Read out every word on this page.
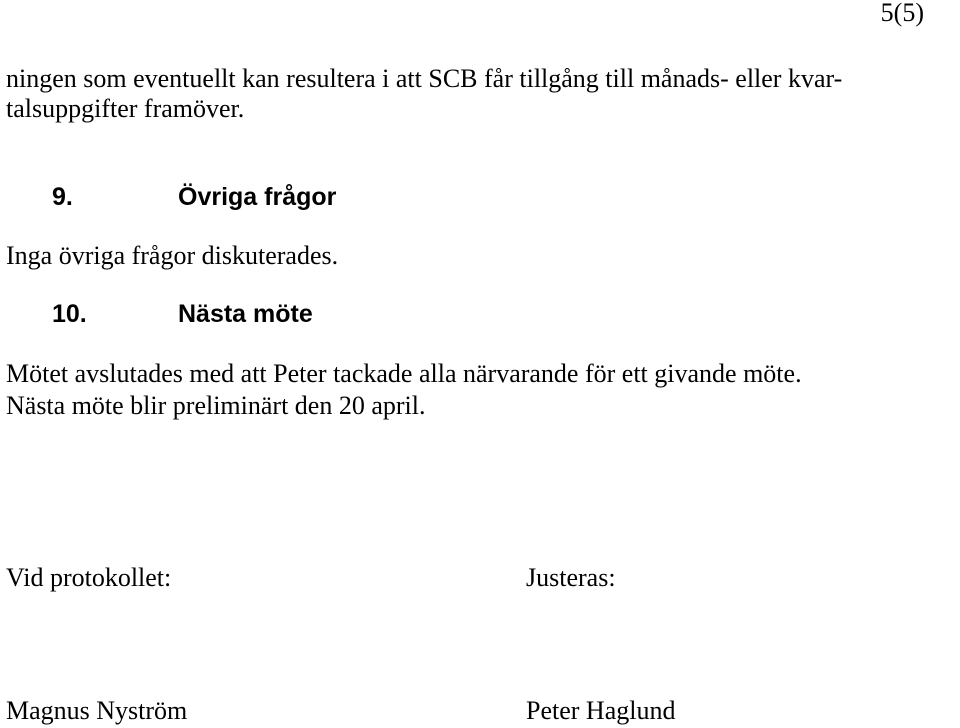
5(5)
ningen som eventuellt kan resultera i att SCB får tillgång till månads- eller kvar-
talsuppgifter framöver.
9.	Övriga frågor
Inga övriga frågor diskuterades.
10.	Nästa möte
Mötet avslutades med att Peter tackade alla närvarande för ett givande möte.
Nästa möte blir preliminärt den 20 april.
Vid protokollet:	Justeras:
Magnus Nyström	Peter Haglund
